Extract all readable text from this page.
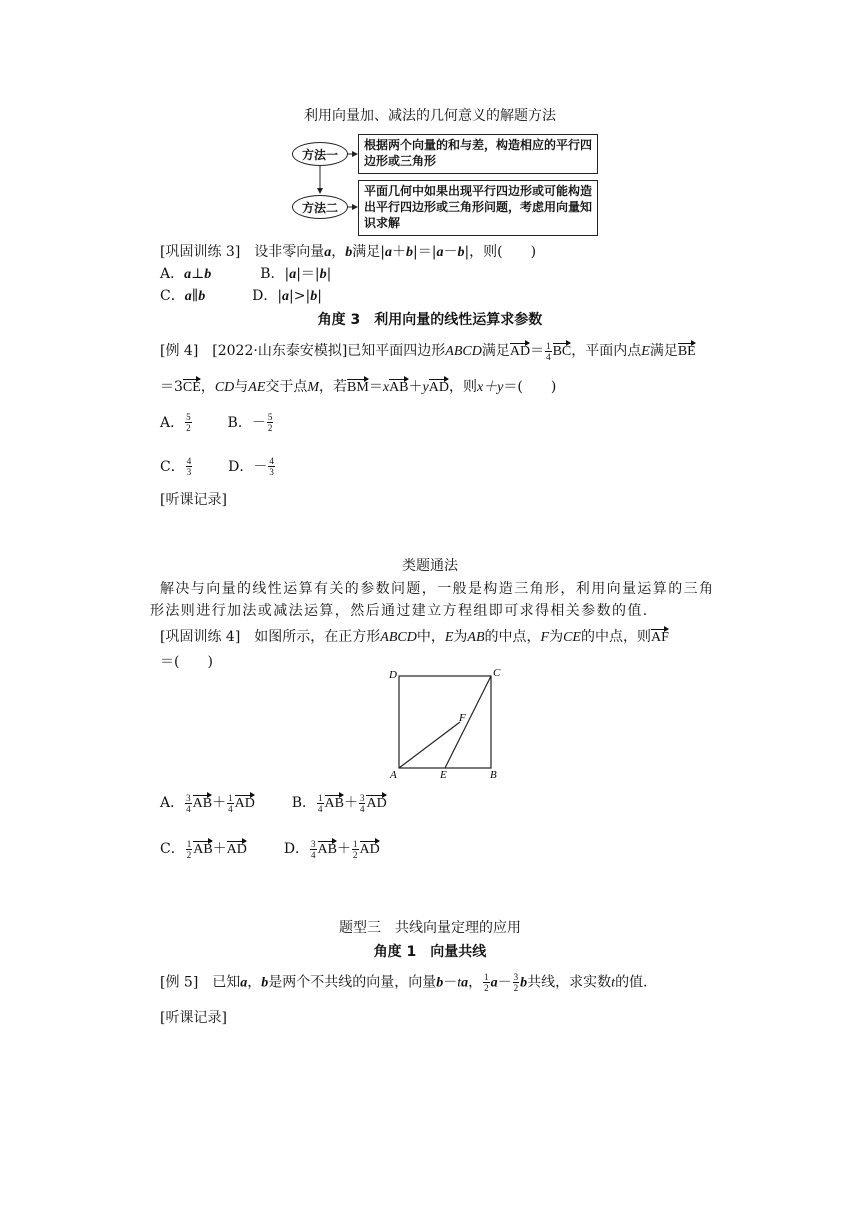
利用向量加、减法的几何意义的解题方法
方法一
根据两个向量的和与差，构造相应的平行四边形或三角形
方法二
平面几何中如果出现平行四边形或可能构造出平行四边形或三角形问题，考虑用向量知识求解
[巩固训练 3]　 设非零向量a，b满足|a＋b|＝|a－b|，则(　　)
A．a⊥b	B．|a|＝|b|
C．a∥b	D．|a|>|b|
角度 3　利用向量的线性运算求参数
[例 4]　 [2022·山东泰安模拟]已知平面四边形ABCD满足$AD= \frac{1}{4}$ BC，平面内点E满足BE
＝3CE，CD与AE交于点M，若BM＝xAB＋yAD，则x＋y＝(　　)
A． $\frac{5}{2}$	B．－ $\frac{5}{2}$
C． $\frac{4}{3}$	D．－ $\frac{4}{3}$
[听课记录]
类题通法
解决与向量的线性运算有关的参数问题，一般是构造三角形，利用向量运算的三角形法则进行加法或减法运算，然后通过建立方程组即可求得相关参数的值.
[巩固训练 4]　 如图所示，在正方形ABCD中，E为AB的中点，F为CE的中点，则AF
＝(　　)
D	C
F
A	E	B
A． $\frac{3}{4} AB+ \frac{1}{4}$ AD	B． $\frac{1}{4} AB+ \frac{3}{4}$ AD
C． $\frac{1}{2} AB+AD$	D． $\frac{3}{4} AB+ \frac{1}{2}$ AD
题型三　共线向量定理的应用
角度 1　向量共线
[例 5]　 已知a，b是两个不共线的向量，向量b－ta， $\frac{1}{2} a- \frac{3}{2}$ b共线，求实数t的值.
[听课记录]
